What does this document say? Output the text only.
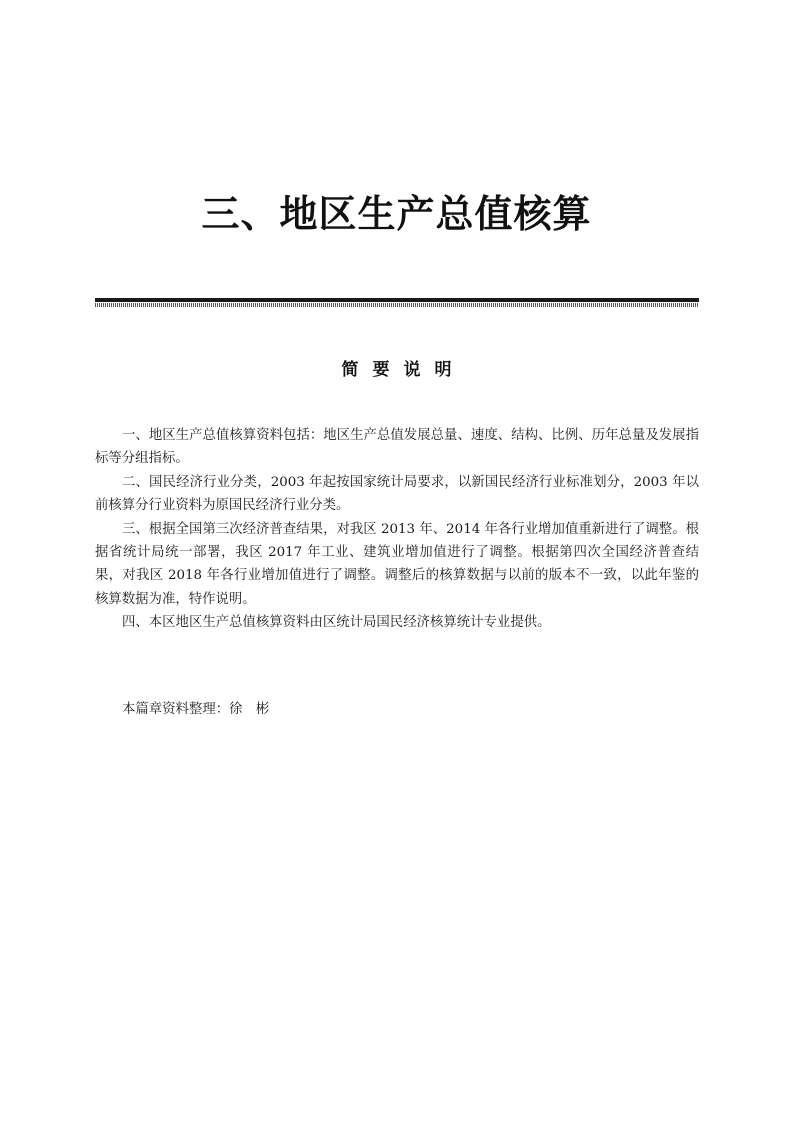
三、地区生产总值核算
简要说明

一、地区生产总值核算资料包括：地区生产总值发展总量、速度、结构、比例、历年总量及发展指标等分组指标。

二、国民经济行业分类，2003 年起按国家统计局要求，以新国民经济行业标准划分，2003 年以前核算分行业资料为原国民经济行业分类。

三、根据全国第三次经济普查结果，对我区 2013 年、2014 年各行业增加值重新进行了调整。根据省统计局统一部署，我区 2017 年工业、建筑业增加值进行了调整。根据第四次全国经济普查结果，对我区 2018 年各行业增加值进行了调整。调整后的核算数据与以前的版本不一致，以此年鉴的核算数据为准，特作说明。

四、本区地区生产总值核算资料由区统计局国民经济核算统计专业提供。

本篇章资料整理：徐　彬
